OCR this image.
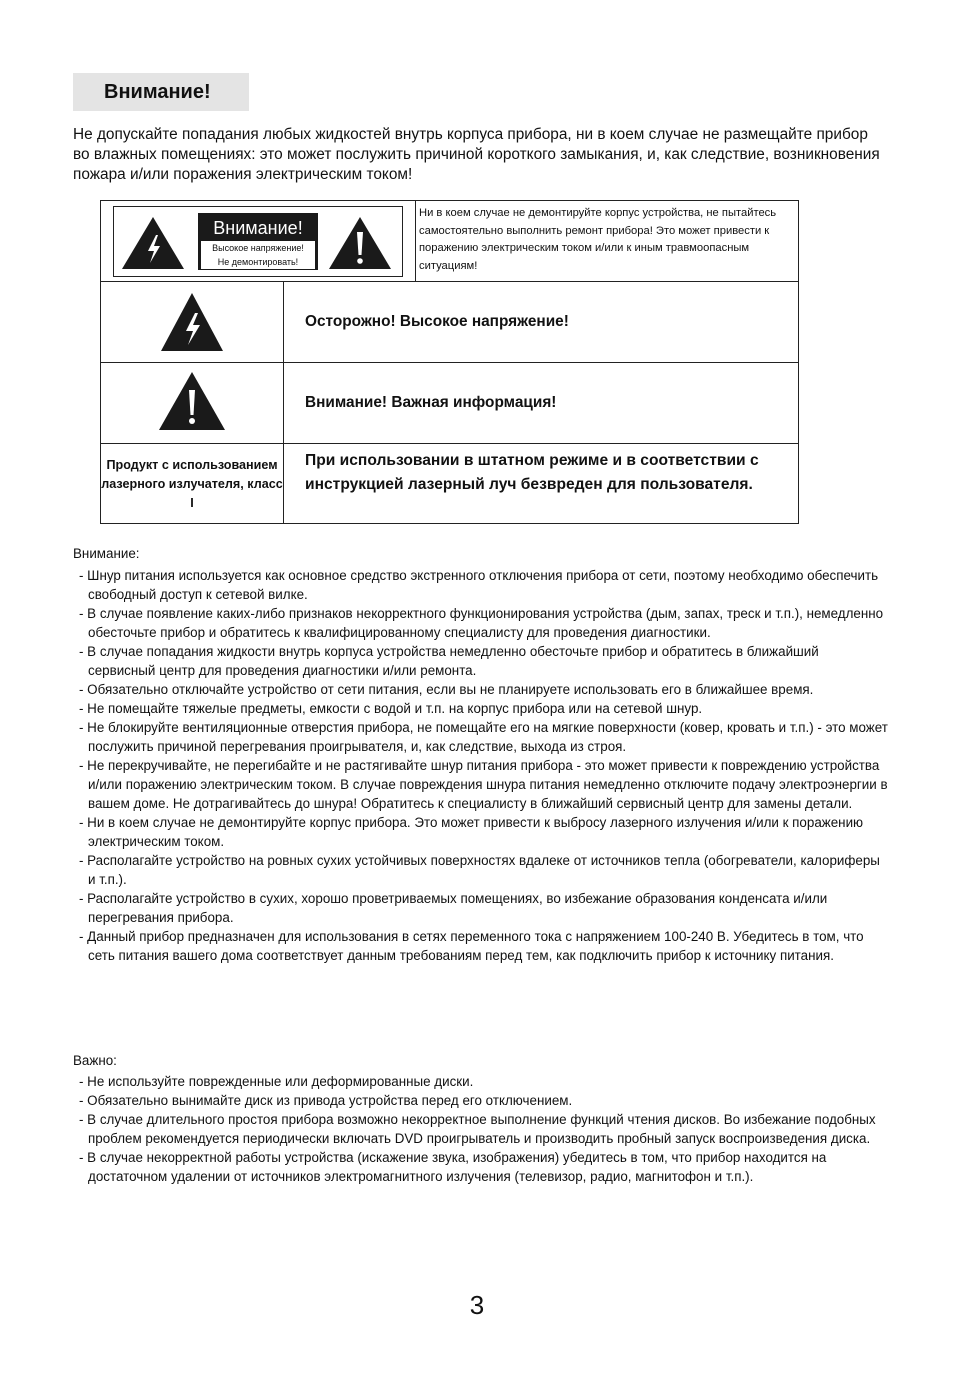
Внимание!

Не допускайте попадания любых жидкостей внутрь корпуса прибора, ни в коем случае не размещайте прибор во влажных помещениях: это может послужить причиной короткого замыкания, и, как следствие, возникновения пожара и/или поражения электрическим током!

Внимание!
Высокое напряжение!
Не демонтировать!
Ни в коем случае не демонтируйте корпус устройства, не пытайтесь самостоятельно выполнить ремонт прибора! Это может привести к поражению электрическим током и/или к иным травмоопасным ситуациям!
Осторожно! Высокое напряжение!
Внимание! Важная информация!
Продукт с использованием лазерного излучателя, класс I
При использовании в штатном режиме и в соответствии с инструкцией лазерный луч безвреден для пользователя.
Внимание:
- Шнур питания используется как основное средство экстренного отключения прибора от сети, поэтому необходимо обеспечить свободный доступ к сетевой вилке.
- В случае появление каких-либо признаков некорректного функционирования устройства (дым, запах, треск и т.п.), немедленно обесточьте прибор и обратитесь к квалифицированному специалисту для проведения диагностики.
- В случае попадания жидкости внутрь корпуса устройства немедленно обесточьте прибор и обратитесь в ближайший сервисный центр для проведения диагностики и/или ремонта.
- Обязательно отключайте устройство от сети питания, если вы не планируете использовать его в ближайшее время.
- Не помещайте тяжелые предметы, емкости с водой и т.п. на корпус прибора или на сетевой шнур.
- Не блокируйте вентиляционные отверстия прибора, не помещайте его на мягкие поверхности (ковер, кровать и т.п.) - это может послужить причиной перегревания проигрывателя, и, как следствие, выхода из строя.
- Не перекручивайте, не перегибайте и не растягивайте шнур питания прибора - это может привести к повреждению устройства и/или поражению электрическим током. В случае повреждения шнура питания немедленно отключите подачу электроэнергии в вашем доме. Не дотрагивайтесь до шнура! Обратитесь к специалисту в ближайший сервисный центр для замены детали.
- Ни в коем случае не демонтируйте корпус прибора. Это может привести к выбросу лазерного излучения и/или к поражению электрическим током.
- Располагайте устройство на ровных сухих устойчивых поверхностях вдалеке от источников тепла (обогреватели, калориферы и т.п.).
- Располагайте устройство в сухих, хорошо проветриваемых помещениях, во избежание образования конденсата и/или перегревания прибора.
- Данный прибор предназначен для использования в сетях переменного тока с напряжением 100-240 В. Убедитесь в том, что сеть питания вашего дома соответствует данным требованиям перед тем, как подключить прибор к источнику питания.
Важно:
- Не используйте поврежденные или деформированные диски.
- Обязательно вынимайте диск из привода устройства перед его отключением.
- В случае длительного простоя прибора возможно некорректное выполнение функций чтения дисков. Во избежание подобных проблем рекомендуется периодически включать DVD проигрыватель и производить пробный запуск воспроизведения диска.
- В случае некорректной работы устройства (искажение звука, изображения) убедитесь в том, что прибор находится на достаточном удалении от источников электромагнитного излучения (телевизор, радио, магнитофон и т.п.).
3
